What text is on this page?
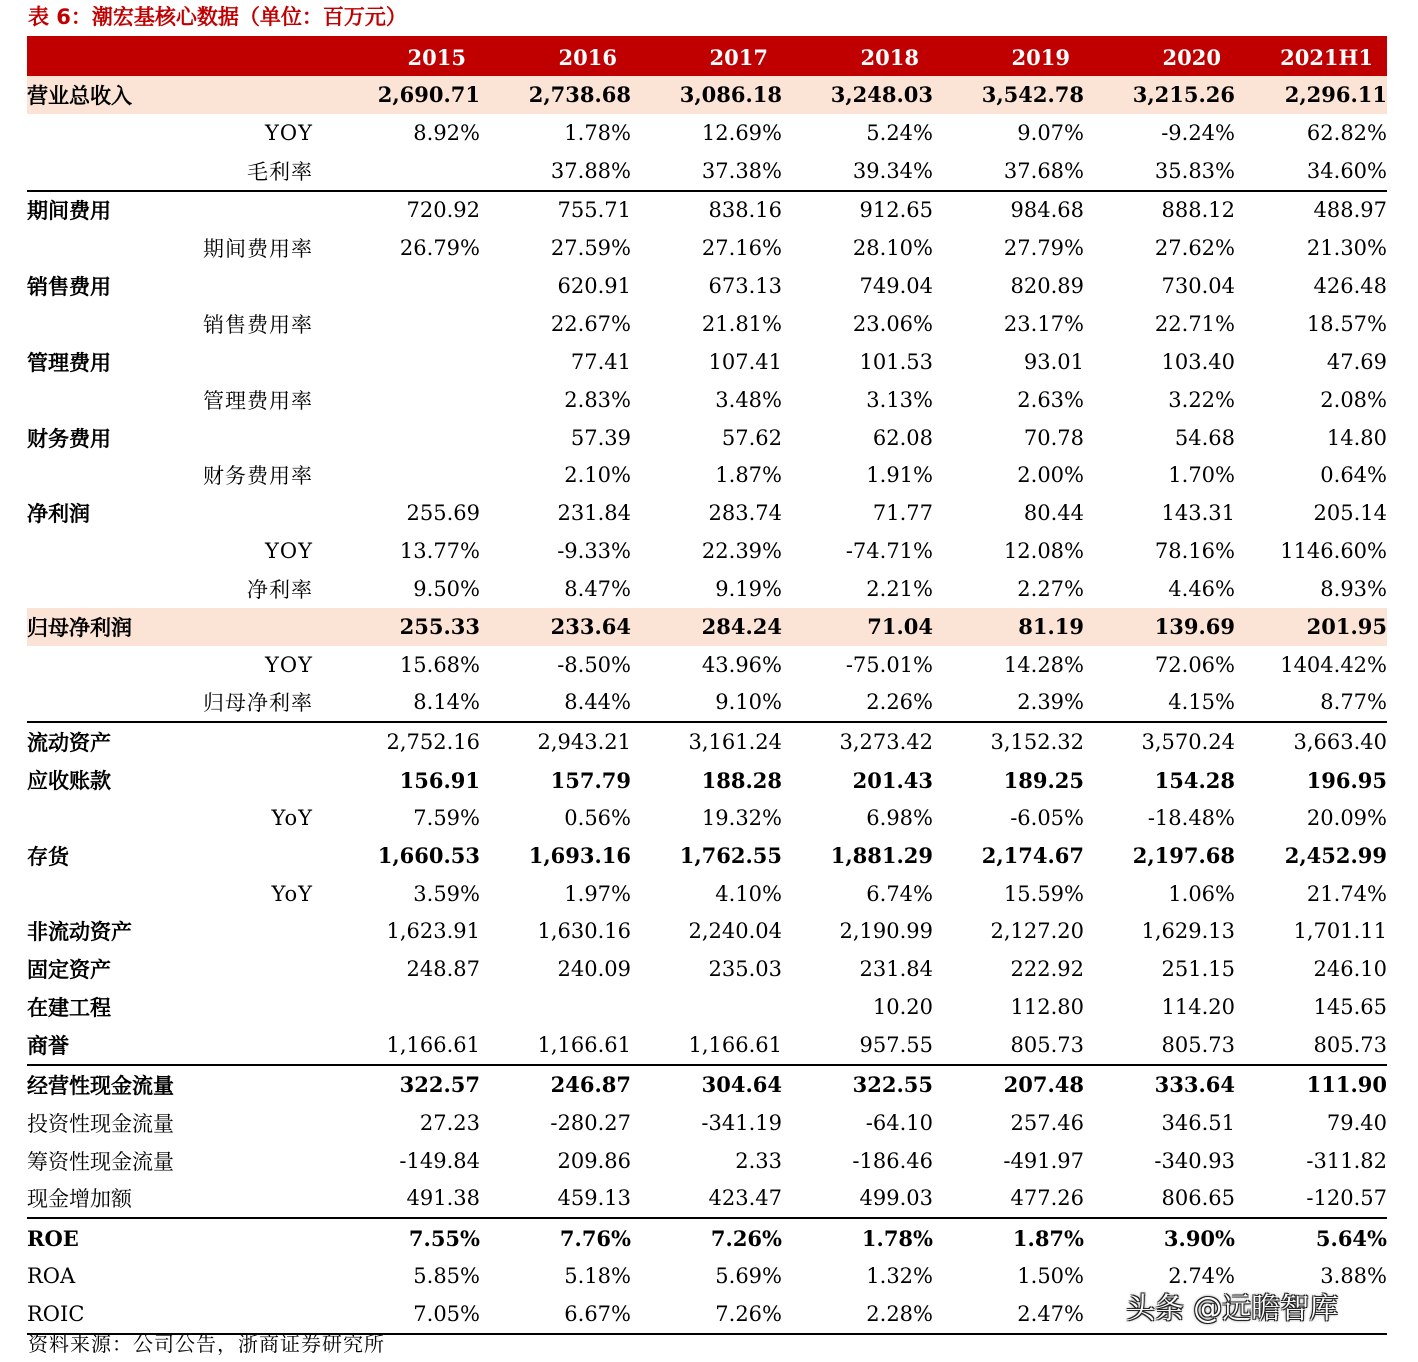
表 6：潮宏基核心数据（单位：百万元）
	2015	2016	2017	2018	2019	2020	2021H1
营业总收入	2,690.71	2,738.68	3,086.18	3,248.03	3,542.78	3,215.26	2,296.11
YOY	8.92%	1.78%	12.69%	5.24%	9.07%	-9.24%	62.82%
毛利率		37.88%	37.38%	39.34%	37.68%	35.83%	34.60%
期间费用	720.92	755.71	838.16	912.65	984.68	888.12	488.97
期间费用率	26.79%	27.59%	27.16%	28.10%	27.79%	27.62%	21.30%
销售费用		620.91	673.13	749.04	820.89	730.04	426.48
销售费用率		22.67%	21.81%	23.06%	23.17%	22.71%	18.57%
管理费用		77.41	107.41	101.53	93.01	103.40	47.69
管理费用率		2.83%	3.48%	3.13%	2.63%	3.22%	2.08%
财务费用		57.39	57.62	62.08	70.78	54.68	14.80
财务费用率		2.10%	1.87%	1.91%	2.00%	1.70%	0.64%
净利润	255.69	231.84	283.74	71.77	80.44	143.31	205.14
YOY	13.77%	-9.33%	22.39%	-74.71%	12.08%	78.16%	1146.60%
净利率	9.50%	8.47%	9.19%	2.21%	2.27%	4.46%	8.93%
归母净利润	255.33	233.64	284.24	71.04	81.19	139.69	201.95
YOY	15.68%	-8.50%	43.96%	-75.01%	14.28%	72.06%	1404.42%
归母净利率	8.14%	8.44%	9.10%	2.26%	2.39%	4.15%	8.77%
流动资产	2,752.16	2,943.21	3,161.24	3,273.42	3,152.32	3,570.24	3,663.40
应收账款	156.91	157.79	188.28	201.43	189.25	154.28	196.95
YoY	7.59%	0.56%	19.32%	6.98%	-6.05%	-18.48%	20.09%
存货	1,660.53	1,693.16	1,762.55	1,881.29	2,174.67	2,197.68	2,452.99
YoY	3.59%	1.97%	4.10%	6.74%	15.59%	1.06%	21.74%
非流动资产	1,623.91	1,630.16	2,240.04	2,190.99	2,127.20	1,629.13	1,701.11
固定资产	248.87	240.09	235.03	231.84	222.92	251.15	246.10
在建工程				10.20	112.80	114.20	145.65
商誉	1,166.61	1,166.61	1,166.61	957.55	805.73	805.73	805.73
经营性现金流量	322.57	246.87	304.64	322.55	207.48	333.64	111.90
投资性现金流量	27.23	-280.27	-341.19	-64.10	257.46	346.51	79.40
筹资性现金流量	-149.84	209.86	2.33	-186.46	-491.97	-340.93	-311.82
现金增加额	491.38	459.13	423.47	499.03	477.26	806.65	-120.57
ROE	7.55%	7.76%	7.26%	1.78%	1.87%	3.90%	5.64%
ROA	5.85%	5.18%	5.69%	1.32%	1.50%	2.74%	3.88%
ROIC	7.05%	6.67%	7.26%	2.28%	2.47%		
资料来源：公司公告，浙商证券研究所
头条 @远瞻智库
